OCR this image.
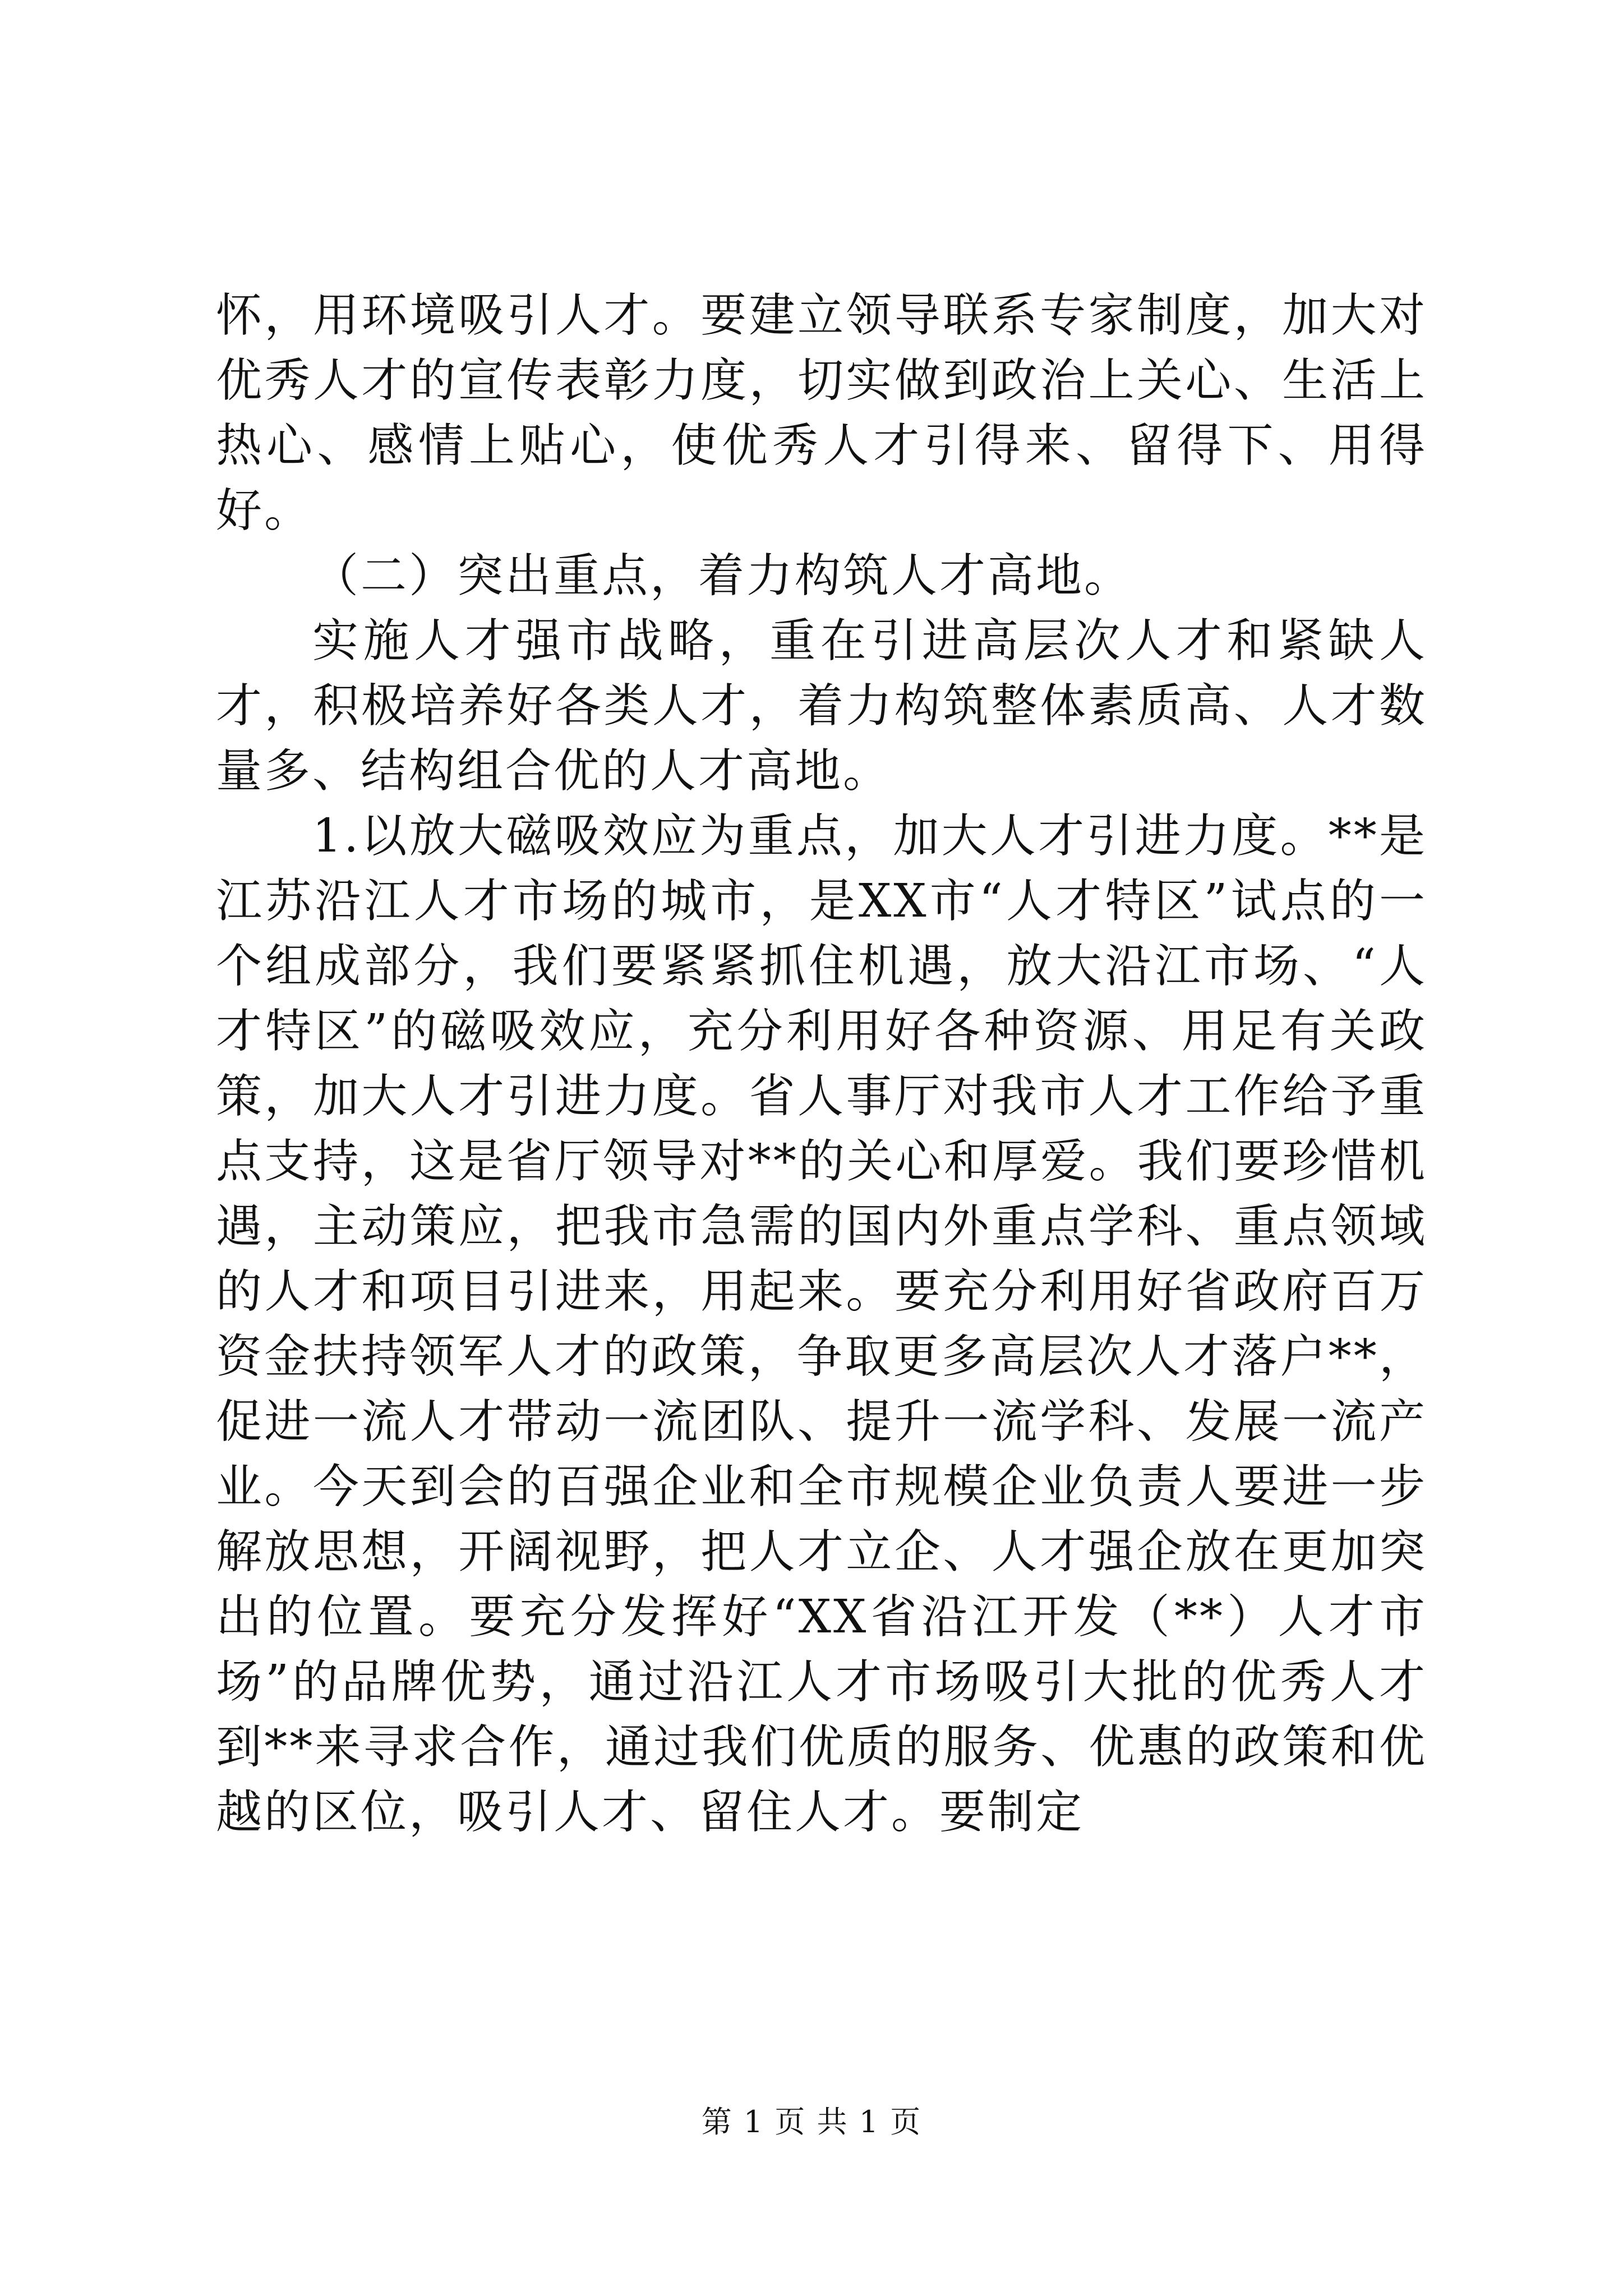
怀，用环境吸引人才。要建立领导联系专家制度，加大对优秀人才的宣传表彰力度，切实做到政治上关心、生活上热心、感情上贴心，使优秀人才引得来、留得下、用得好。

（二）突出重点，着力构筑人才高地。

实施人才强市战略，重在引进高层次人才和紧缺人才，积极培养好各类人才，着力构筑整体素质高、人才数量多、结构组合优的人才高地。

1.以放大磁吸效应为重点，加大人才引进力度。**是江苏沿江人才市场的城市，是XX市“人才特区”试点的一个组成部分，我们要紧紧抓住机遇，放大沿江市场、“人才特区”的磁吸效应，充分利用好各种资源、用足有关政策，加大人才引进力度。省人事厅对我市人才工作给予重点支持，这是省厅领导对**的关心和厚爱。我们要珍惜机遇，主动策应，把我市急需的国内外重点学科、重点领域的人才和项目引进来，用起来。要充分利用好省政府百万资金扶持领军人才的政策，争取更多高层次人才落户**，促进一流人才带动一流团队、提升一流学科、发展一流产业。今天到会的百强企业和全市规模企业负责人要进一步解放思想，开阔视野，把人才立企、人才强企放在更加突出的位置。要充分发挥好“XX省沿江开发（**）人才市场”的品牌优势，通过沿江人才市场吸引大批的优秀人才到**来寻求合作，通过我们优质的服务、优惠的政策和优越的区位，吸引人才、留住人才。要制定

第 1 页 共 1 页
